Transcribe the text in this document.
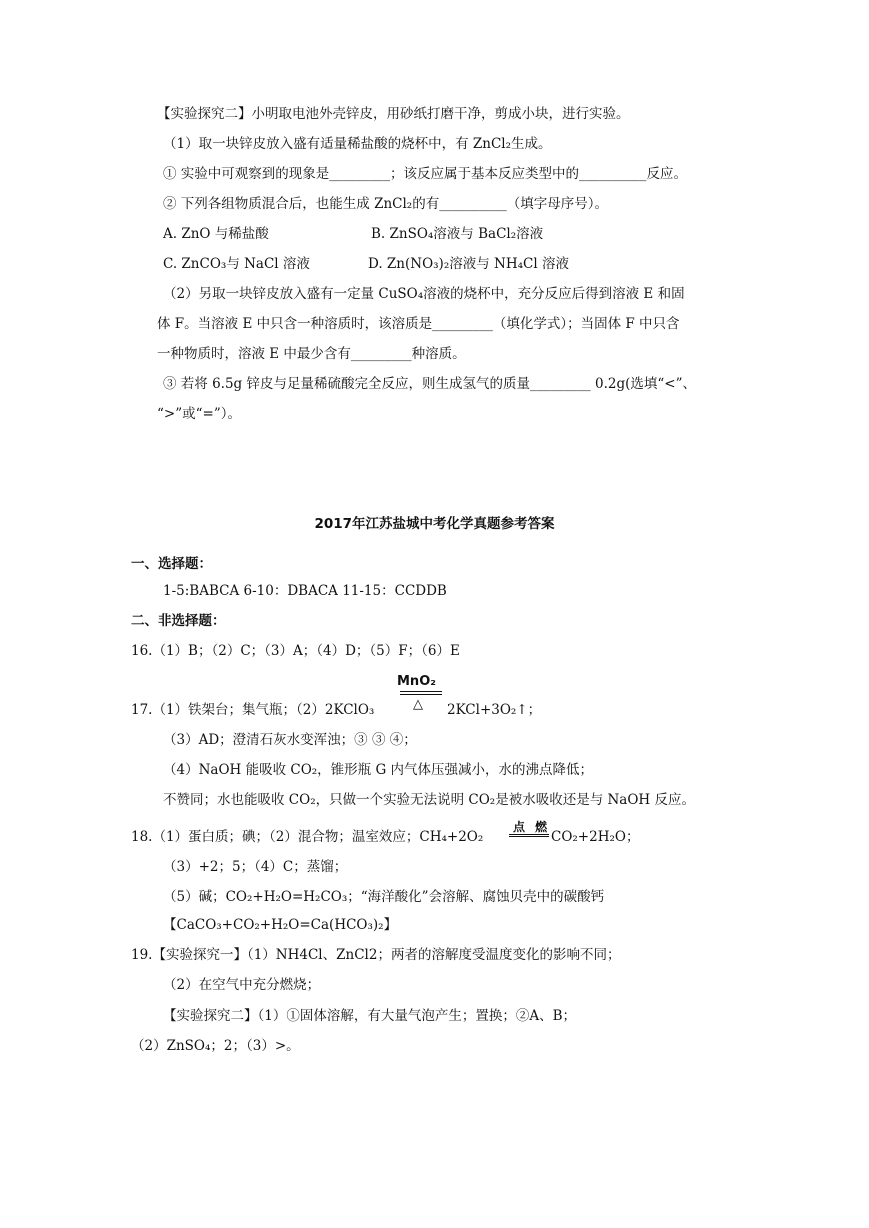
【实验探究二】小明取电池外壳锌皮，用砂纸打磨干净，剪成小块，进行实验。
（1）取一块锌皮放入盛有适量稀盐酸的烧杯中，有 ZnCl₂生成。
① 实验中可观察到的现象是_________；该反应属于基本反应类型中的__________反应。
② 下列各组物质混合后，也能生成 ZnCl₂的有__________（填字母序号）。
A. ZnO 与稀盐酸	B. ZnSO₄溶液与 BaCl₂溶液
C. ZnCO₃与 NaCl 溶液	D. Zn(NO₃)₂溶液与 NH₄Cl 溶液
（2）另取一块锌皮放入盛有一定量 CuSO₄溶液的烧杯中，充分反应后得到溶液 E 和固
体 F。当溶液 E 中只含一种溶质时，该溶质是_________（填化学式）；当固体 F 中只含
一种物质时，溶液 E 中最少含有_________种溶质。
③ 若将 6.5g 锌皮与足量稀硫酸完全反应，则生成氢气的质量_________ 0.2g(选填“<”、
“>”或“=”）。
2017年江苏盐城中考化学真题参考答案
一、选择题：
1-5:BABCA 6-10：DBACA 11-15：CCDDB
二、非选择题：
16.（1）B；（2）C；（3）A；（4）D；（5）F；（6）E
MnO₂
△
17.（1）铁架台；集气瓶；（2）2KClO₃	2KCl+3O₂↑；
（3）AD；澄清石灰水变浑浊；③ ③ ④；
（4）NaOH 能吸收 CO₂，锥形瓶 G 内气体压强减小，水的沸点降低；
不赞同；水也能吸收 CO₂，只做一个实验无法说明 CO₂是被水吸收还是与 NaOH 反应。
点 燃
18.（1）蛋白质；碘；（2）混合物；温室效应；CH₄+2O₂	CO₂+2H₂O；
（3）+2；5；（4）C；蒸馏；
（5）碱；CO₂+H₂O=H₂CO₃；“海洋酸化”会溶解、腐蚀贝壳中的碳酸钙
【CaCO₃+CO₂+H₂O=Ca(HCO₃)₂】
19.【实验探究一】（1）NH4Cl、ZnCl2；两者的溶解度受温度变化的影响不同；
（2）在空气中充分燃烧；
【实验探究二】（1）①固体溶解，有大量气泡产生；置换；②A、B；
（2）ZnSO₄；2；（3）>。
